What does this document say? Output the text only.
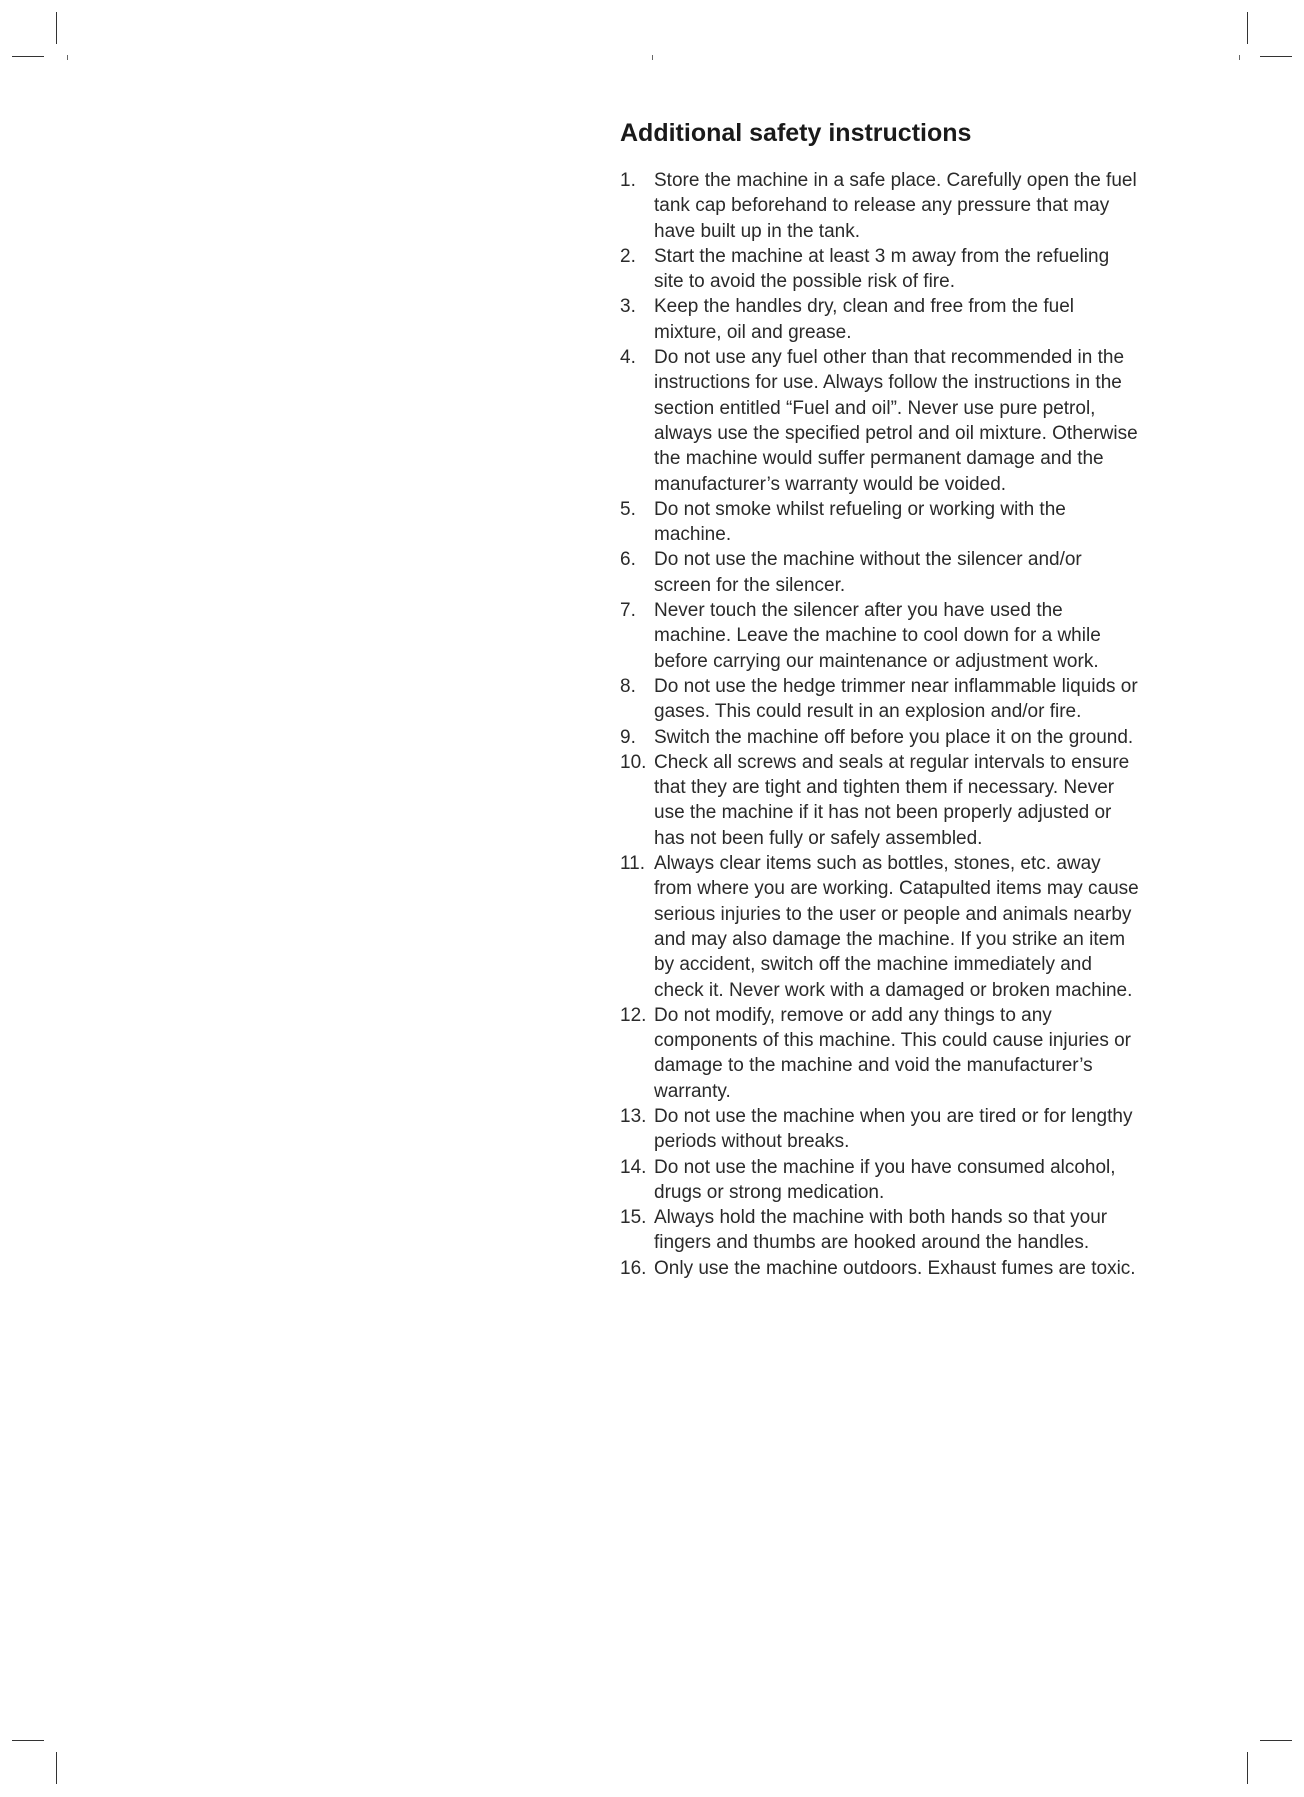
Additional safety instructions
1. Store the machine in a safe place. Carefully open the fuel tank cap beforehand to release any pressure that may have built up in the tank.
2. Start the machine at least 3 m away from the refueling site to avoid the possible risk of fire.
3. Keep the handles dry, clean and free from the fuel mixture, oil and grease.
4. Do not use any fuel other than that recommended in the instructions for use. Always follow the instructions in the section entitled “Fuel and oil”. Never use pure petrol, always use the specified petrol and oil mixture. Otherwise the machine would suffer permanent damage and the manufacturer’s warranty would be voided.
5. Do not smoke whilst refueling or working with the machine.
6. Do not use the machine without the silencer and/or screen for the silencer.
7. Never touch the silencer after you have used the machine. Leave the machine to cool down for a while before carrying our maintenance or adjustment work.
8. Do not use the hedge trimmer near inflammable liquids or gases. This could result in an explosion and/or fire.
9. Switch the machine off before you place it on the ground.
10. Check all screws and seals at regular intervals to ensure that they are tight and tighten them if necessary. Never use the machine if it has not been properly adjusted or has not been fully or safely assembled.
11. Always clear items such as bottles, stones, etc. away from where you are working. Catapulted items may cause serious injuries to the user or people and animals nearby and may also damage the machine. If you strike an item by accident, switch off the machine immediately and check it. Never work with a damaged or broken machine.
12. Do not modify, remove or add any things to any components of this machine. This could cause injuries or damage to the machine and void the manufacturer’s warranty.
13. Do not use the machine when you are tired or for lengthy periods without breaks.
14. Do not use the machine if you have consumed alcohol, drugs or strong medication.
15. Always hold the machine with both hands so that your fingers and thumbs are hooked around the handles.
16. Only use the machine outdoors. Exhaust fumes are toxic.
